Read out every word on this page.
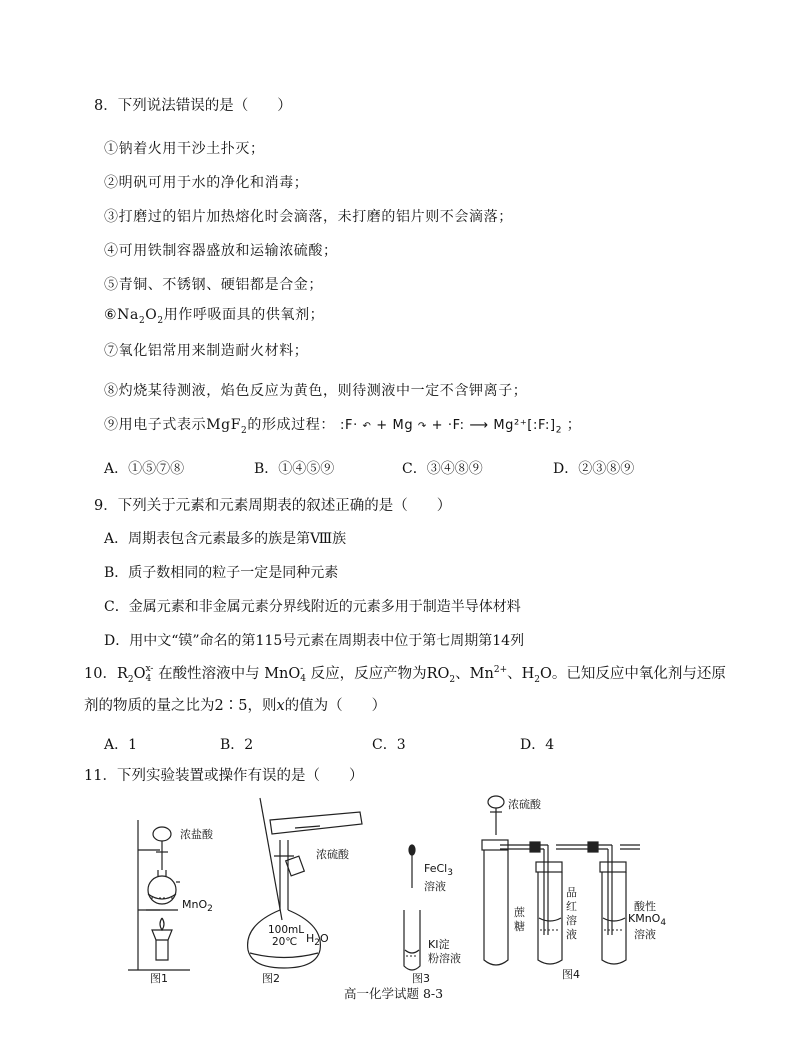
8．下列说法错误的是（　　）
①钠着火用干沙土扑灭；
②明矾可用于水的净化和消毒；
③打磨过的铝片加热熔化时会滴落，未打磨的铝片则不会滴落；
④可用铁制容器盛放和运输浓硫酸；
⑤青铜、不锈钢、硬铝都是合金；
$⑥Na_2O_2$用作呼吸面具的供氧剂；
⑦氧化铝常用来制造耐火材料；
⑧灼烧某待测液，焰色反应为黄色，则待测液中一定不含钾离子；
⑨用电子式表示MgF$_2$的形成过程： :F· ↶ + Mg ↷ + ·F: ⟶ $Mg^{2+}[:F:]_2$ ；
A．①⑤⑦⑧	B．①④⑤⑨	C．③④⑧⑨	D．②③⑧⑨
9．下列关于元素和元素周期表的叙述正确的是（　　）
A．周期表包含元素最多的族是第Ⅷ族
B．质子数相同的粒子一定是同种元素
C．金属元素和非金属元素分界线附近的元素多用于制造半导体材料
D．用中文“镆”命名的第115号元素在周期表中位于第七周期第14列
10．$R_2O$ x-
4 在酸性溶液中与 MnO -
4 反应，反应产物为$RO_2$、$Mn^{2+}$、$H_2O$。已知反应中氧化剂与还原
剂的物质的量之比为2∶5，则x的值为（　　）
A．1	B．2	C．3	D．4
11．下列实验装置或操作有误的是（　　）
浓盐酸
MnO$_2$
图1
浓硫酸
100mL
20℃ $H_2O$
图2
FeCl$_3$
溶液
KI淀
粉溶液
图3
浓硫酸
蔗
糖
品
红
溶
液
酸性
KMnO$_4$
溶液
图4
高一化学试题 8-3
